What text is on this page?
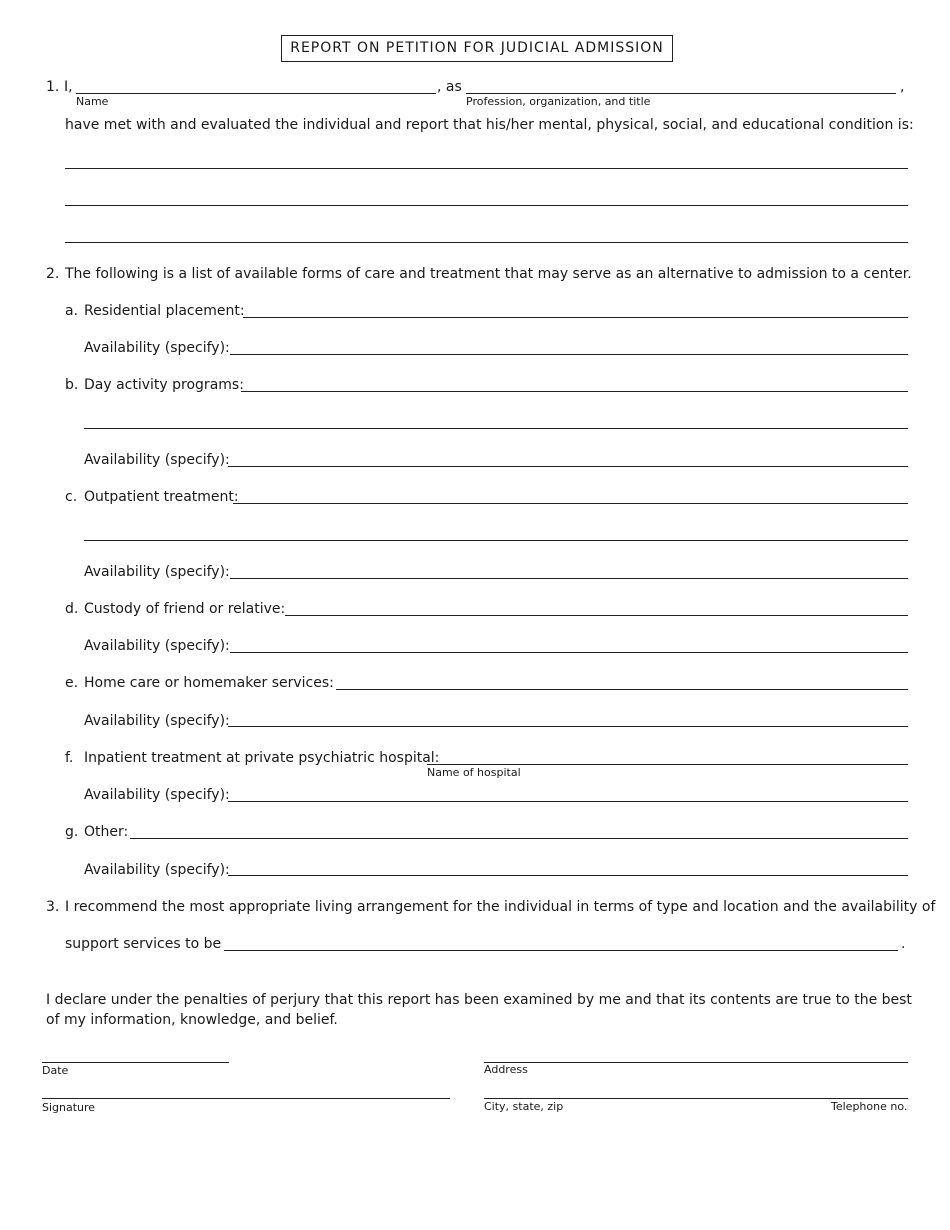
REPORT ON PETITION FOR JUDICIAL ADMISSION
1. I,
Name
, as
Profession, organization, and title
,
have met with and evaluated the individual and report that his/her mental, physical, social, and educational condition is:
2. The following is a list of available forms of care and treatment that may serve as an alternative to admission to a center.
a. Residential placement:
Availability (specify):
b. Day activity programs:
Availability (specify):
c. Outpatient treatment:
Availability (specify):
d. Custody of friend or relative:
Availability (specify):
e. Home care or homemaker services:
Availability (specify):
f. Inpatient treatment at private psychiatric hospital:
Name of hospital
Availability (specify):
g. Other:
Availability (specify):
3. I recommend the most appropriate living arrangement for the individual in terms of type and location and the availability of
support services to be	.
I declare under the penalties of perjury that this report has been examined by me and that its contents are true to the best of my information, knowledge, and belief.
Date
Signature
Address
City, state, zip	Telephone no.
